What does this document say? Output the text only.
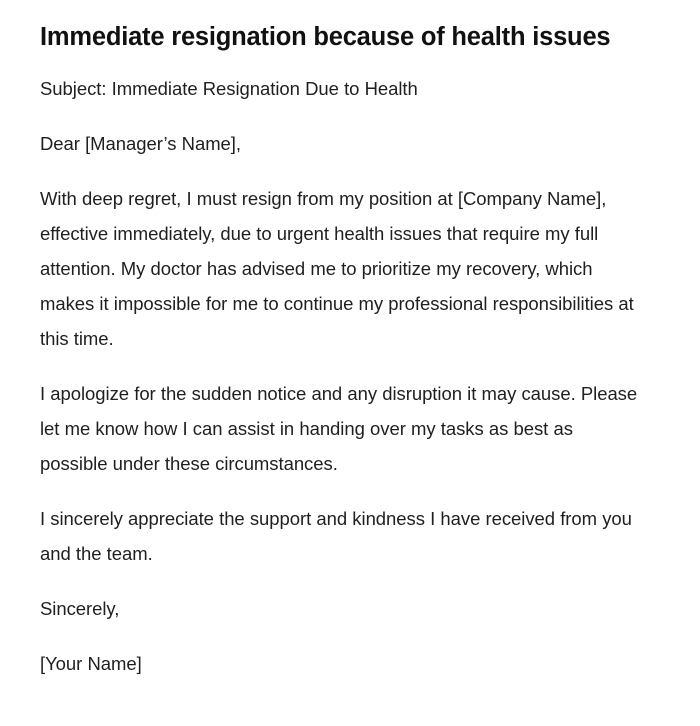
Immediate resignation because of health issues

Subject: Immediate Resignation Due to Health

Dear [Manager’s Name],

With deep regret, I must resign from my position at [Company Name], effective immediately, due to urgent health issues that require my full attention. My doctor has advised me to prioritize my recovery, which makes it impossible for me to continue my professional responsibilities at this time.

I apologize for the sudden notice and any disruption it may cause. Please let me know how I can assist in handing over my tasks as best as possible under these circumstances.

I sincerely appreciate the support and kindness I have received from you and the team.

Sincerely,

[Your Name]
